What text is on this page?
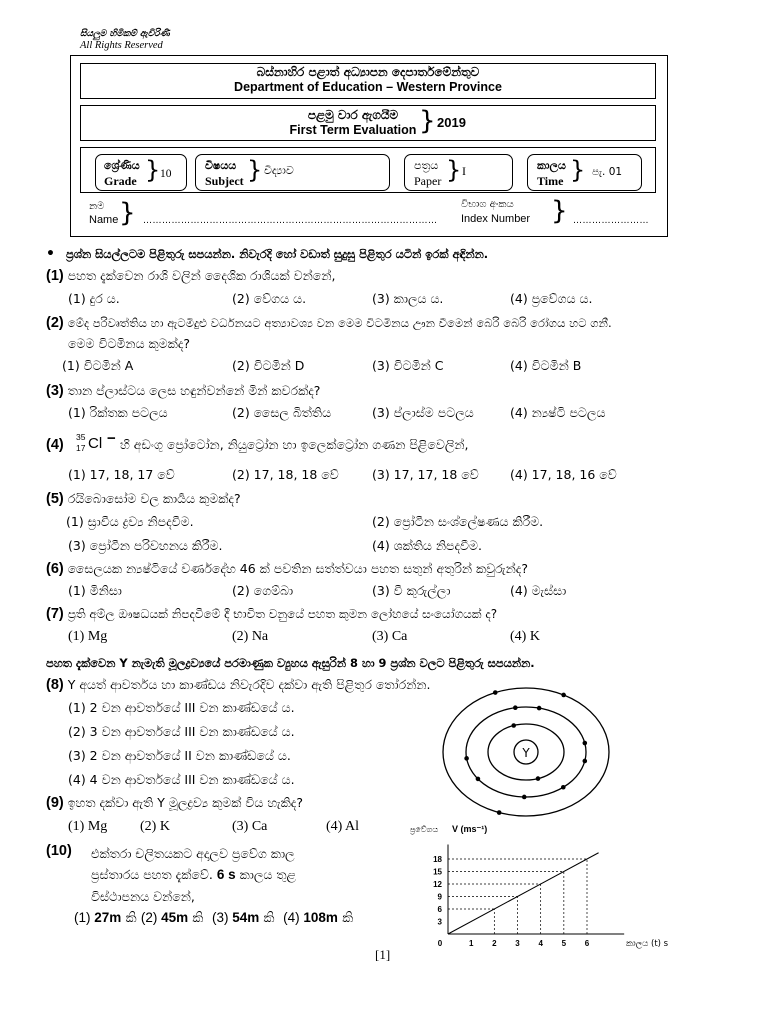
සියලුම හිමිකම් ඇවිරිණි
All Rights Reserved
බස්නාහිර පළාත් අධ්‍යාපන දෙපාර්තමේන්තුව
Department of Education – Western Province
පළමු වාර ඇගයීම
First Term Evaluation } 2019
ශ්‍රේණිය
Grade } 10
විෂයය
Subject } විද්‍යාව	පත්‍රය
Paper } I	කාලය
Time } පැ. 01
නම
Name } …………………………………………………………………………………
විභාග අංකය
Index Number } ……………………
• ප්‍රශ්න සියල්ලටම පිළිතුරු සපයන්න. නිවැරදි හෝ වඩාත් සුදුසු පිළිතුර යටින් ඉරක් අඳින්න.
(1) පහත දැක්වෙන රාශි වලින් දෛශික රාශියක් වන්නේ,
(1) දුර ය.	(2) වේගය ය.	(3) කාලය ය.	(4) ප්‍රවේගය ය.
(2) මේද පරිවෘත්තිය හා ඇටමිදුළු වර්ධනයට අත්‍යාවශ්‍ය වන මෙම විටමිනය ඌන වීමෙන් බෙරි බෙරි රෝගය හට ගනී.
මෙම විටමිනය කුමක්ද?
(1) විටමින් A	(2) විටමින් D	(3) විටමින් C	(4) විටමින් B
(3) තාන ප්ලාස්ටය ලෙස හඳුන්වන්නේ මින් කවරක්ද?
(1) රික්තක පටලය	(2) සෛල බිත්තිය	(3) ප්ලාස්ම පටලය	(4) න්‍යෂ්ටි පටලය
(4) 35
17 Cl − හි අඩංගු ප්‍රෝටෝන, නියුට්‍රෝන හා ඉලෙක්ට්‍රෝන ගණන පිළිවෙලින්,
(1) 17, 18, 17 වේ	(2) 17, 18, 18 වේ	(3) 17, 17, 18 වේ (4) 17, 18, 16 වේ
(5) රයිබොසෝම වල කාර්‍යය කුමක්ද?
(1) ස්‍රාවීය ද්‍රව්‍ය නිපදවීම.	(2) ප්‍රෝටීන සංශ්ලේෂණය කිරීම.
(3) ප්‍රෝටීන පරිවහනය කිරීම.	(4) ශක්තිය නිපදවීම.
(6) සෛලයක න්‍යෂ්ටියේ වර්ණදේහ 46 ක් පවතින සත්ත්වයා පහත සතුන් අතුරින් කවුරුන්ද?
(1) මිනිසා	(2) ගෙම්බා	(3) වී කුරුල්ලා	(4) මැස්සා
(7) ප්‍රති අම්ල ඖෂධයක් නිපදවීමේ දී භාවිත වනුයේ පහත කුමන ලෝහයේ සංයෝගයක් ද?
(1) Mg	(2) Na	(3) Ca	(4) K
පහත දැක්වෙන Y නැමැති මූලද්‍රව්‍යයේ පරමාණුක ව්‍යුහය ඇසුරින් 8 හා 9 ප්‍රශ්න වලට පිළිතුරු සපයන්න.
(8) Y අයත් ආවර්තය හා කාණ්ඩය නිවැරදිව දක්වා ඇති පිළිතුර තෝරන්න.
(1) 2 වන ආවර්තයේ III වන කාණ්ඩයේ ය.
(2) 3 වන ආවර්තයේ III වන කාණ්ඩයේ ය.
(3) 2 වන ආවර්තයේ II වන කාණ්ඩයේ ය.
(4) 4 වන ආවර්තයේ III වන කාණ්ඩයේ ය.
Y
(9) ඉහත දක්වා ඇති Y මූලද්‍රව්‍ය කුමක් විය හැකිද?
(1) Mg (2) K	(3) Ca	(4) Al
(10) එක්තරා චලිතයකට අදාලව ප්‍රවේග කාල
ප්‍රස්තාරය පහත දැක්වේ. 6 s කාලය තුළ
විස්ථාපනය වන්නේ,
(1) 27m කි (2) 45m කි (3) 54m කි (4) 108m කි
ප්‍රවේගය V (ms⁻¹)
කාලය (t) s
0	1 2 3 4 5 6
3
6
9
12
15
18
[1]
